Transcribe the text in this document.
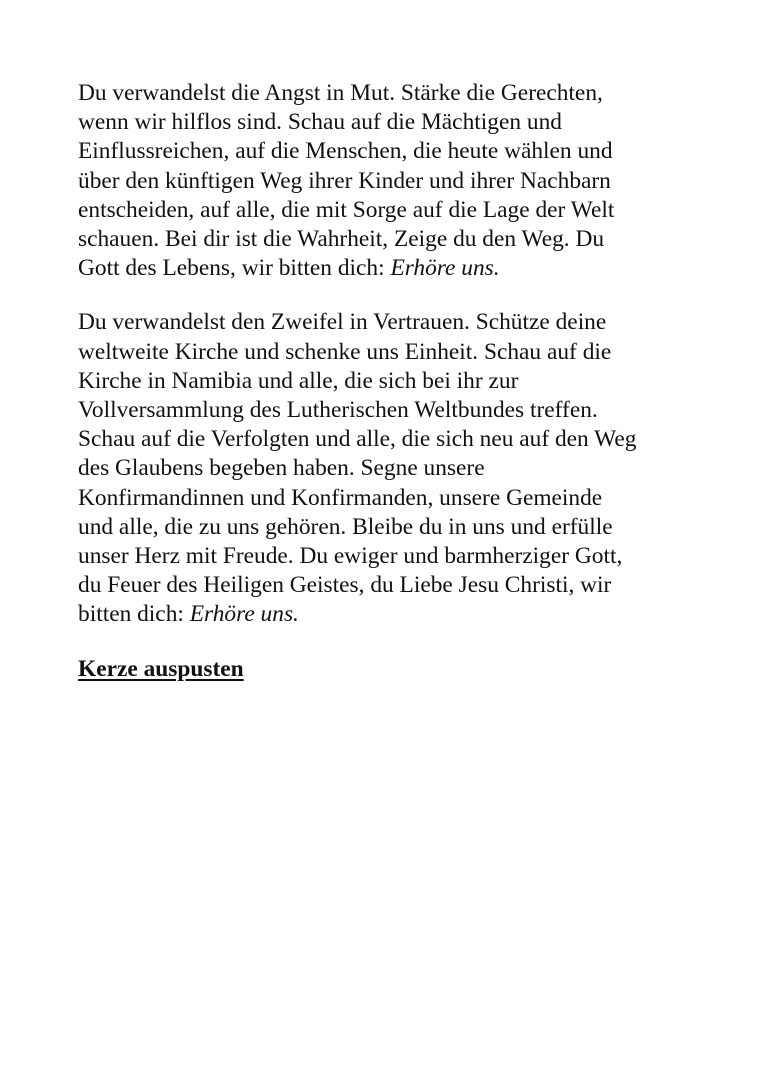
Du verwandelst die Angst in Mut. Stärke die Gerechten,
wenn wir hilflos sind. Schau auf die Mächtigen und
Einflussreichen, auf die Menschen, die heute wählen und
über den künftigen Weg ihrer Kinder und ihrer Nachbarn
entscheiden, auf alle, die mit Sorge auf die Lage der Welt
schauen. Bei dir ist die Wahrheit, Zeige du den Weg. Du
Gott des Lebens, wir bitten dich: Erhöre uns.

Du verwandelst den Zweifel in Vertrauen. Schütze deine
weltweite Kirche und schenke uns Einheit. Schau auf die
Kirche in Namibia und alle, die sich bei ihr zur
Vollversammlung des Lutherischen Weltbundes treffen.
Schau auf die Verfolgten und alle, die sich neu auf den Weg
des Glaubens begeben haben. Segne unsere
Konfirmandinnen und Konfirmanden, unsere Gemeinde
und alle, die zu uns gehören. Bleibe du in uns und erfülle
unser Herz mit Freude. Du ewiger und barmherziger Gott,
du Feuer des Heiligen Geistes, du Liebe Jesu Christi, wir
bitten dich: Erhöre uns.

Kerze auspusten
